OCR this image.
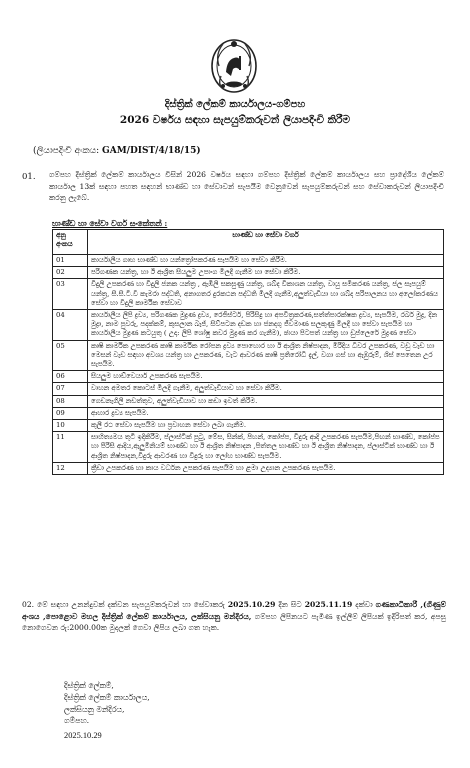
දිස්ත්‍රික් ලේකම් කාර්යාලය-ගම්පහ
2026 වර්ෂය සඳහා සැපයුම්කරුවන් ලියාපදිංචි කිරීම
(ලියාපදිංචි අංකය: GAM/DIST/4/18/15)
01. ගම්පහ දිස්ත්‍රික් ලේකම් කාර්යාලය විසින් 2026 වර්ෂය සඳහා ගම්පහ දිස්ත්‍රික් ලේකම් කාර්යාලය සහ ප්‍රාදේශීය ලේකම් කාර්යාල 13ක් සඳහා පහත සඳහන් භාණ්ඩ හා සේවාවන් සැපයීම වෙනුවෙන් සැපයුම්කරුවන් සහ සේවාකරුවන් ලියාපදිංචි කරනු ලැබේ.
භාණ්ඩ හා සේවා වර්ග සංකේතන් :
අනු අංකය	භාණ්ඩ හා සේවා වර්ග
01	කාර්යාලීය ගෘහ භාණ්ඩ හා යන්ත්‍රෝපකරණ සැපයීම හා සේවා කිරීම.
02	පරිගණක යන්ත්‍ර, හා ඊ ආශ්‍රිත සියලුම උපාංග මිලදී ගැනීම හා සේවා කිරීම.
03	විදුලි උපකරණ හා විදුලි ජනක යන්ත්‍ර , ඇඹිලි සකසුණු යන්ත්‍ර, ශබ්ද විකාශන යන්ත්‍ර, වායු සමීකරණ යන්ත්‍ර, ජල සැපයුම් යන්ත්‍ර, සී.සී.ටී.වී කැමරා පද්ධති, අනාගතර දුරකථන පද්ධති මිලදී ගැනීම,අලුත්වැඩියා හා ශබ්ද පරිපාලනය හා අලෝකරණය සේවා හා විදුලි කාර්මික සේවාව
04	කාර්යාලීය ලිපි ද්‍රව්‍ය, පරිගණක මුද්‍රණ ද්‍රව්‍ය, රෙජිස්ටර්, පිරිසිදු හා අපවිත්‍රකරණ,සත්ත්පාරක්ෂක ද්‍රව්‍ය, සැපයීම, රබර් මුද්‍ර, දින මුද්‍රා, නාම පුවරු, පදක්කම්, කුසලාන බැජ්, සිව්පටන දඩක හා ජනදගු ජීවමාණ සලකුණු මිලදී හා සේවා සැපයීම හා කාර්යාලීය මුද්‍රණ කටයුතු ( උදා: ලිපි ශෝෂු කවර මුද්‍රණ කර ගැනීම), ඡායා පිටපත් යන්ත්‍ර හා ඩුප්ලෙරේ මුද්‍රණ සේවා
05	කෘෂි කාර්මික උපකරණ කෘෂි කාර්මික රෝපන ද්‍රව්‍ය පොහොර හා ඊ ආශ්‍රිත නිෂ්පාදන, මිරිදිය ධීවර උපකරණ, වඩු වැඩ හා මෙසන් වැඩ සඳහා අවශ්‍ය යන්ත්‍ර හා උපකරණ, වැට ආවරණ කෘෂි ප්‍රතිරෝධි දැල්, වගා ගස් හා ඇඹුරුම්, ශිස් පෙතෙන උර සැපයීම.
06	සියලුම හාඩ්වෙයාර් උපකරණ සැපයීම.
07	වාහන අමතර කොටස් මිලදී ගැනීම, අලුත්වැඩියාව හා සේවා කිරීම.
08	ගෙඩනැගිලි නඩත්තුව, අලුත්වැඩියාව හා කඩා ඉවත් කිරීම.
09	ආහාර ද්‍රව්‍ය සැපයීම.
10	කුලී රථ සේවා සැපයීම හා ප්‍රවාහන සේවා ලබා ගැනීම.
11	සාහිත්‍යමය තුටි ඉදිකිරීම, ප්ලාස්ටික් පුටු, මේස, සින්ක්, පිහන්, කෝප්ප, විදුරු ආදි උපකරණ සැපයීම,පිඟන් භාණ්ඩ, කෝප්ප හා පීරිසි ආදිය,ඇලුමිනියම් භාණ්ඩ හා ඊ ආශ්‍රිත නිෂ්පාදන ,පිත්තල භාණ්ඩ හා ඊ ආශ්‍රිත නිෂ්පාදන, ප්ලාස්ටික් භාණ්ඩ හා ඊ ආශ්‍රිත නිෂ්පාදන,විදුරු ආවරණ හා විදුරු හා ලෝහ භාණ්ඩ සැපයීම.
12	ක්‍රීඩා උපකරණ හා කාය වර්ධන උපකරණ සැපයීම හා ළමා උද්‍යාන උපකරණ සැපයීම.
02. මේ සඳහා උනන්දුවක් දක්වන සැපයුම්කරුවන් හා සේවාකරු 2025.10.29 දින සිට 2025.11.19 දක්වා ගණකාධිකාරී ,(ගිණුම් අංශය ,පොළොව මහල දිස්ත්‍රික් ලේකම් කාර්යාලය, ලක්සියනු මන්දිරය, ගම්පහ ලිපිනයට පැමිණ ඉල්ලීම් ලිපියක් ඉදිරිපත් කර, අපසු නොගෙවන රු:2000.00ක මුදලක් ගෙවා ලිපිය ලබා ගත හැක.
දිස්ත්‍රික් ලේකම්,
දිස්ත්‍රික් ලේකම් කාර්යාලය,
ලක්සියනු මන්දිරය,
ගම්පහ.
2025.10.29
